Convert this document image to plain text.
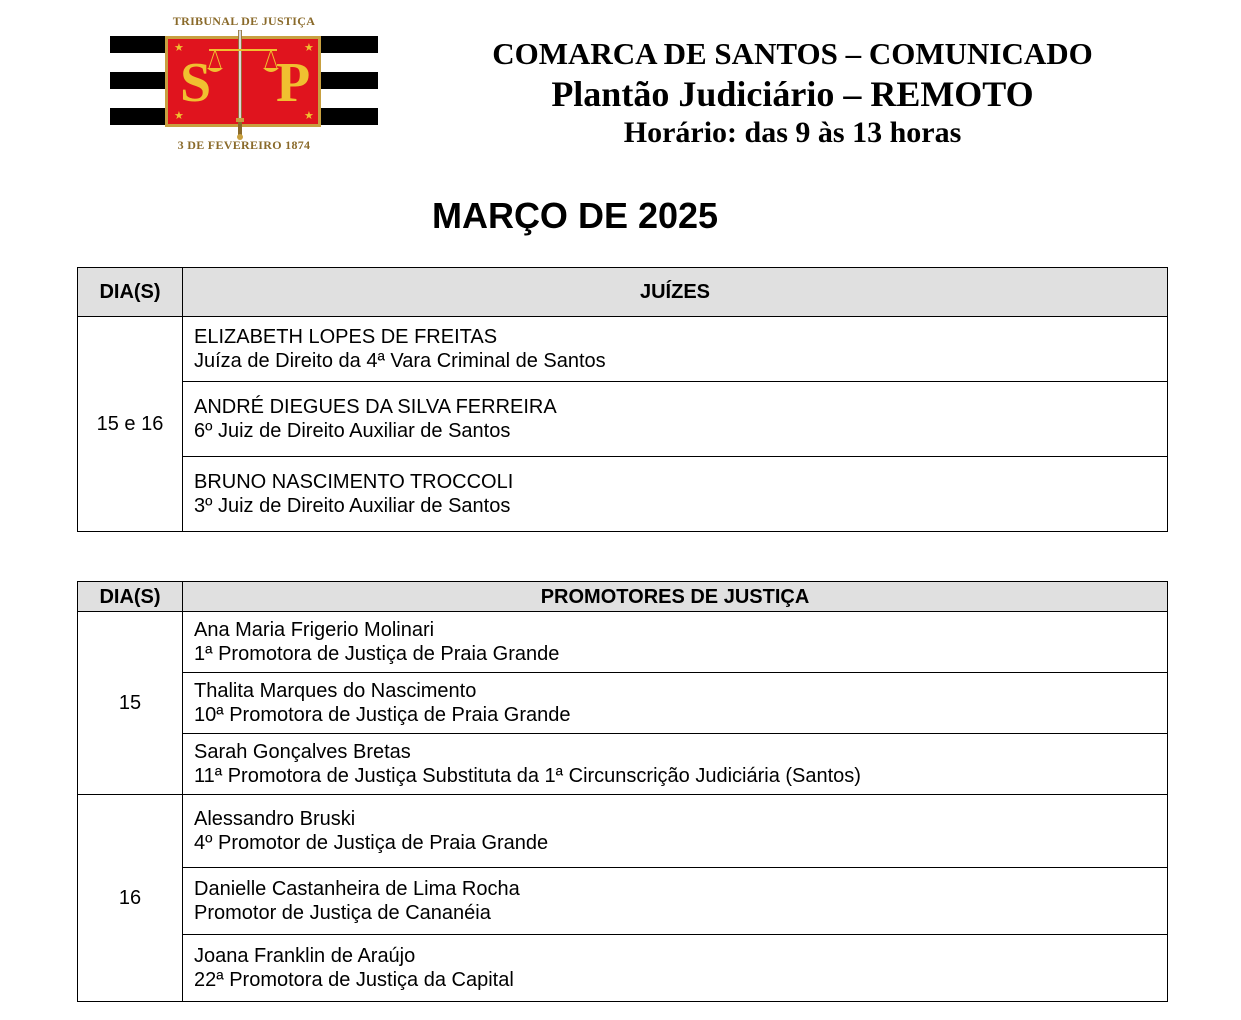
TRIBUNAL DE JUSTIÇA
S P
★	★
★	★
3 DE FEVEREIRO 1874
COMARCA DE SANTOS – COMUNICADO
Plantão Judiciário – REMOTO
Horário: das 9 às 13 horas
MARÇO DE 2025
DIA(S)	JUÍZES
15 e 16	ELIZABETH LOPES DE FREITAS
Juíza de Direito da 4ª Vara Criminal de Santos

	ANDRÉ DIEGUES DA SILVA FERREIRA
6º Juiz de Direito Auxiliar de Santos

	BRUNO NASCIMENTO TROCCOLI
3º Juiz de Direito Auxiliar de Santos
DIA(S)	PROMOTORES DE JUSTIÇA
15	Ana Maria Frigerio Molinari
1ª Promotora de Justiça de Praia Grande

	Thalita Marques do Nascimento
10ª Promotora de Justiça de Praia Grande

	Sarah Gonçalves Bretas
11ª Promotora de Justiça Substituta da 1ª Circunscrição Judiciária (Santos)

16	Alessandro Bruski
4º Promotor de Justiça de Praia Grande

	Danielle Castanheira de Lima Rocha
Promotor de Justiça de Cananéia

	Joana Franklin de Araújo
22ª Promotora de Justiça da Capital
